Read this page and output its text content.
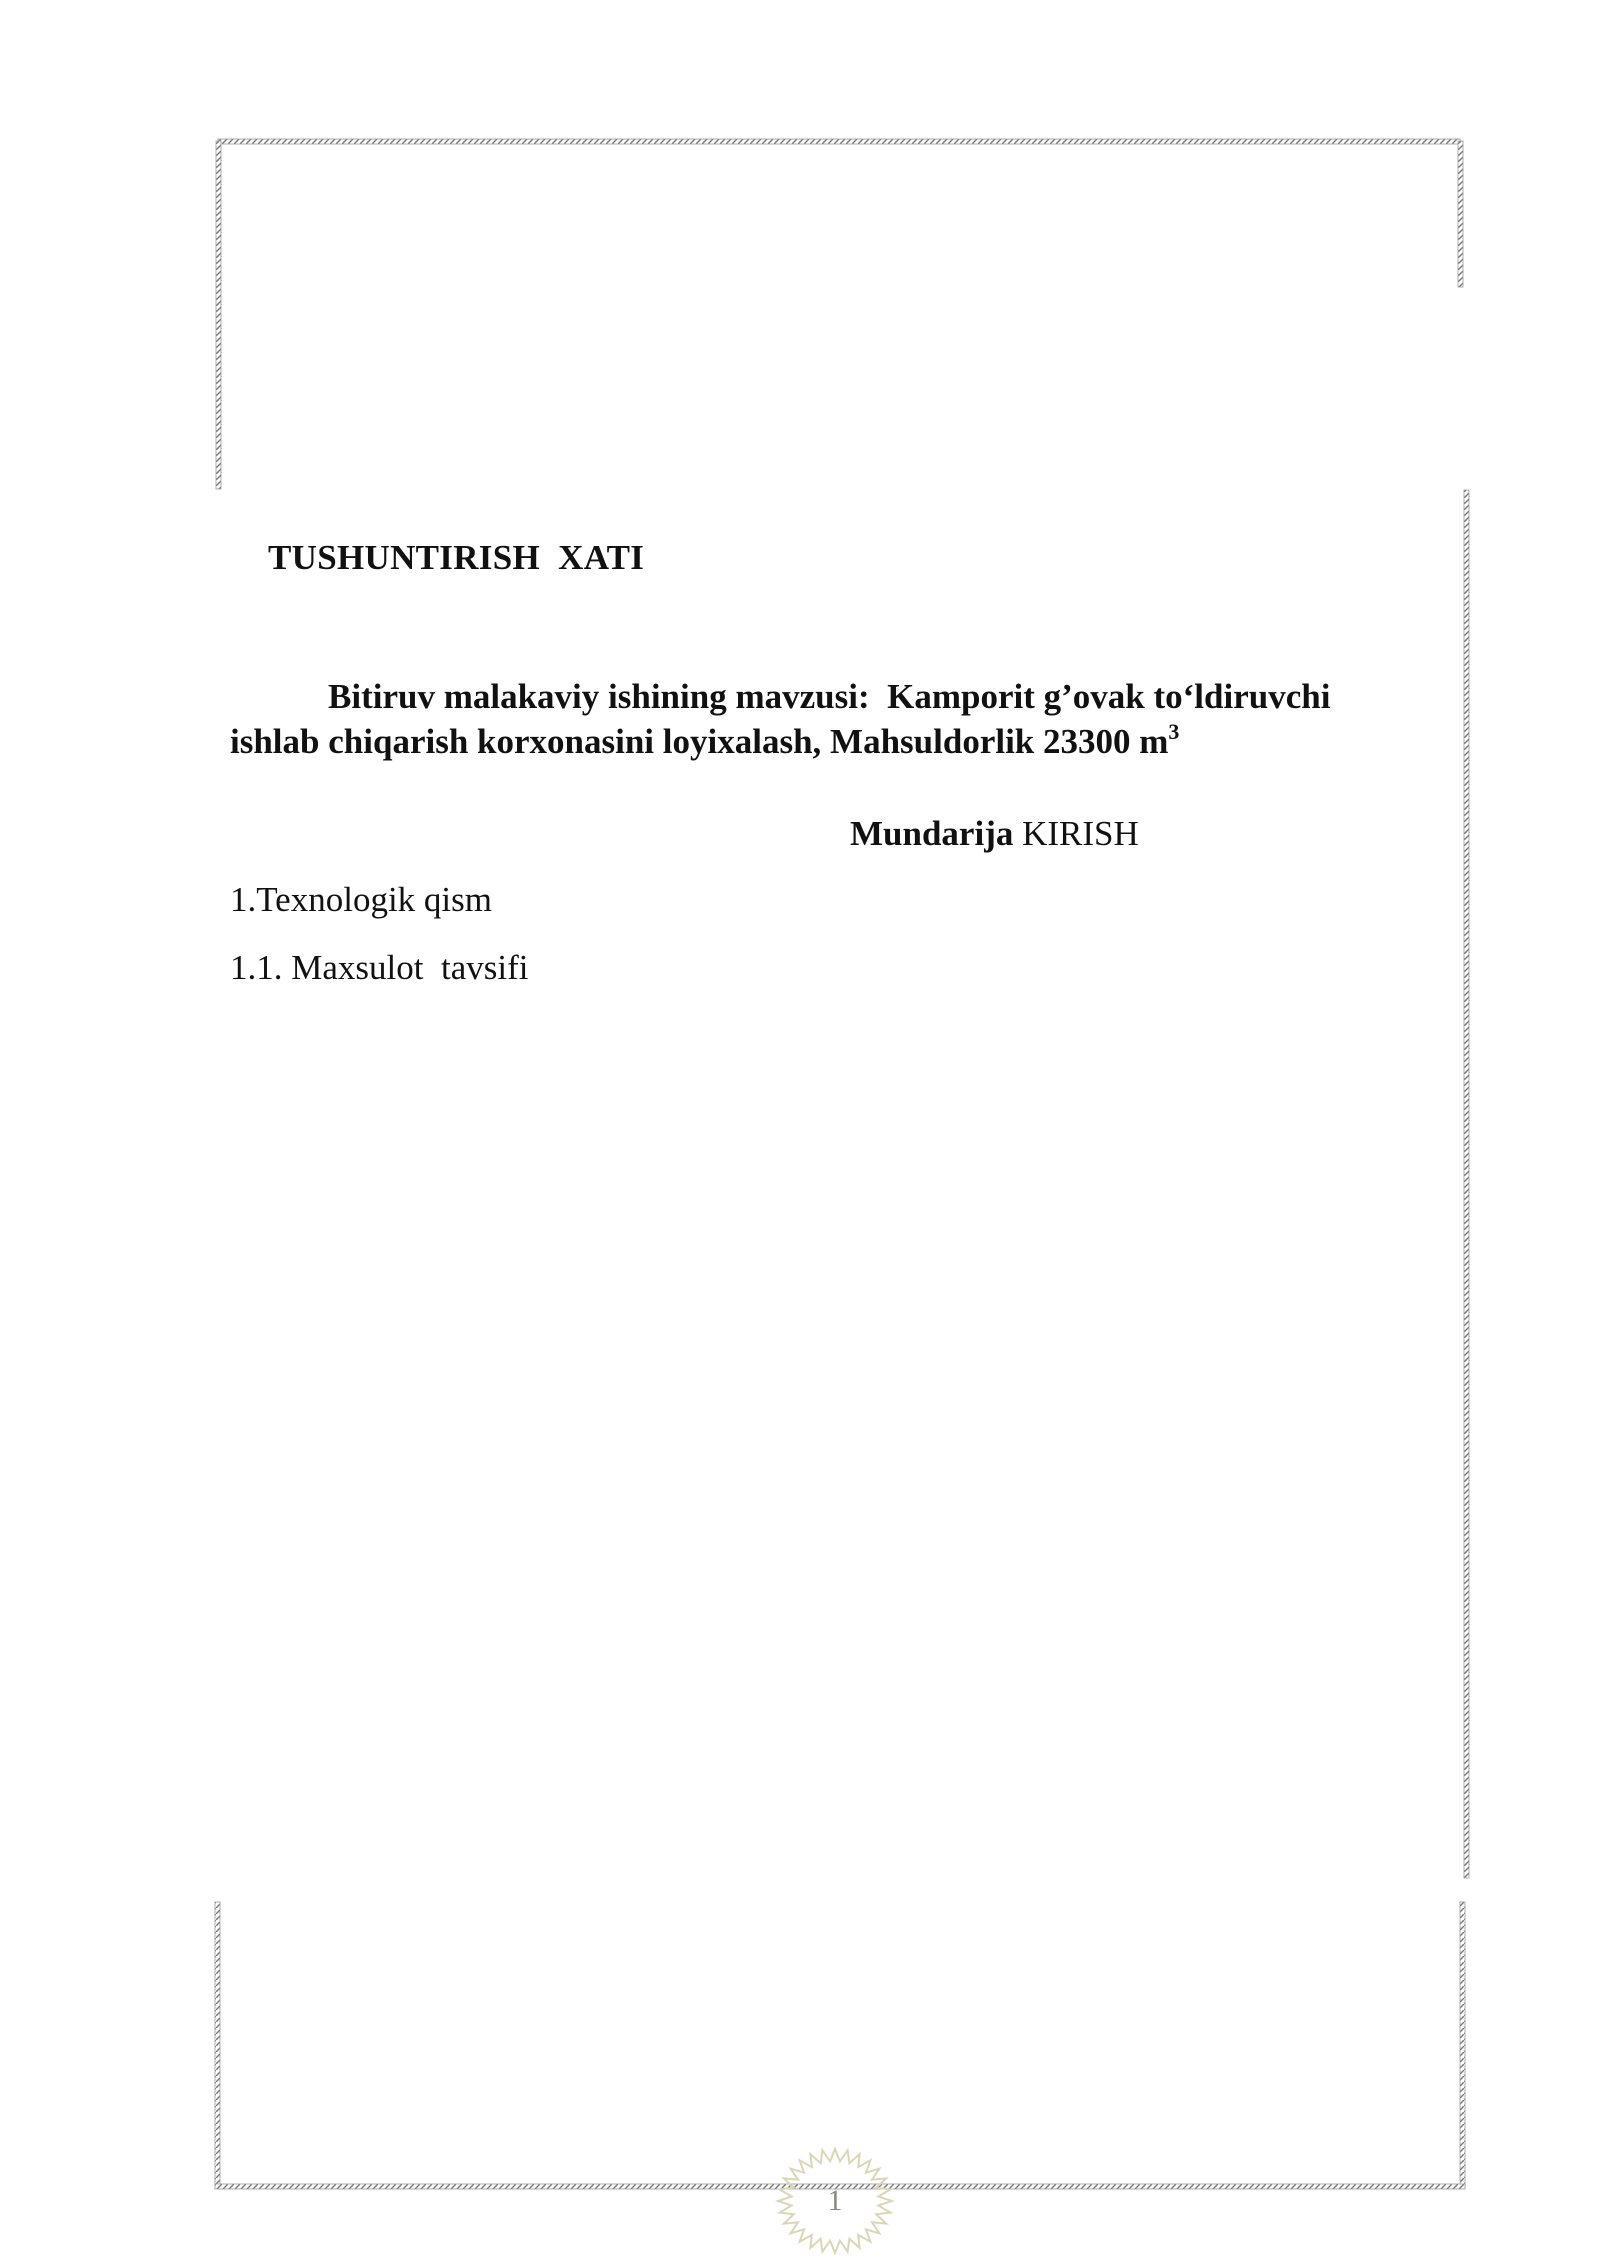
TUSHUNTIRISH  XATI
Bitiruv malakaviy ishining mavzusi:  Kamporit g’ovak to‘ldiruvchi
ishlab chiqarish korxonasini loyixalash, Mahsuldorlik 23300 $m^3$
Mundarija KIRISH
1.Texnologik qism
1.1. Maxsulot  tavsifi
1
